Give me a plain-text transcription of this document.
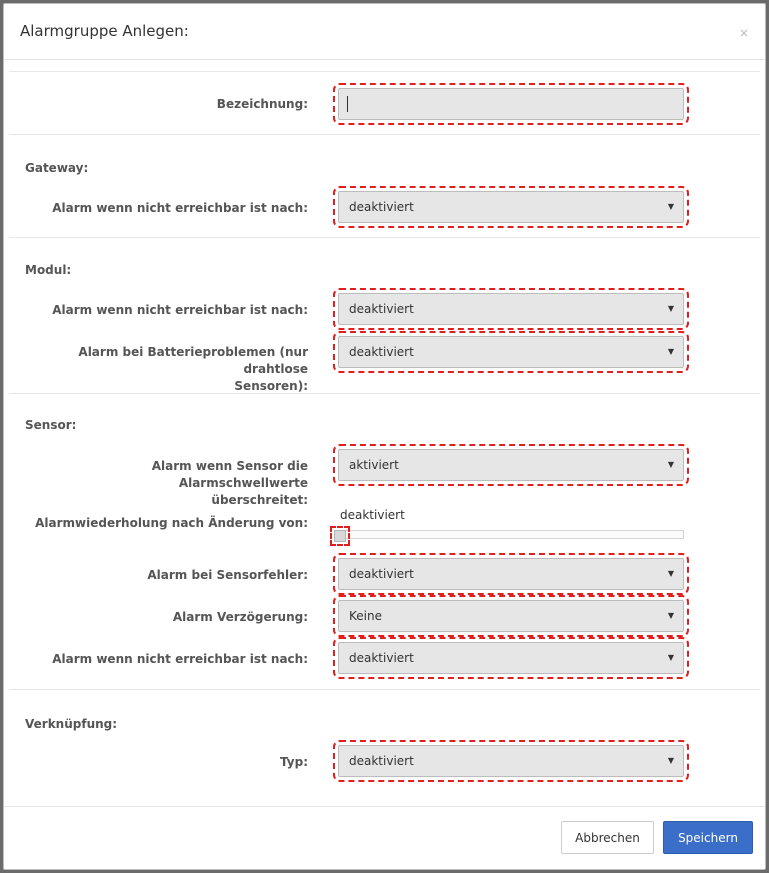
Alarmgruppe Anlegen:	×
Bezeichnung:
Gateway:
Alarm wenn nicht erreichbar ist nach:	deaktiviert	▼
Modul:
Alarm wenn nicht erreichbar ist nach:	deaktiviert	▼
Alarm bei Batterieproblemen (nur drahtlose
Sensoren):
deaktiviert	▼
Sensor:
Alarm wenn Sensor die Alarmschwellwerte
überschreitet:
aktiviert	▼
Alarmwiederholung nach Änderung von:
deaktiviert
Alarm bei Sensorfehler:	deaktiviert	▼
Alarm Verzögerung:	Keine	▼
Alarm wenn nicht erreichbar ist nach:	deaktiviert	▼
Verknüpfung:
Typ:	deaktiviert	▼
Abbrechen	Speichern
